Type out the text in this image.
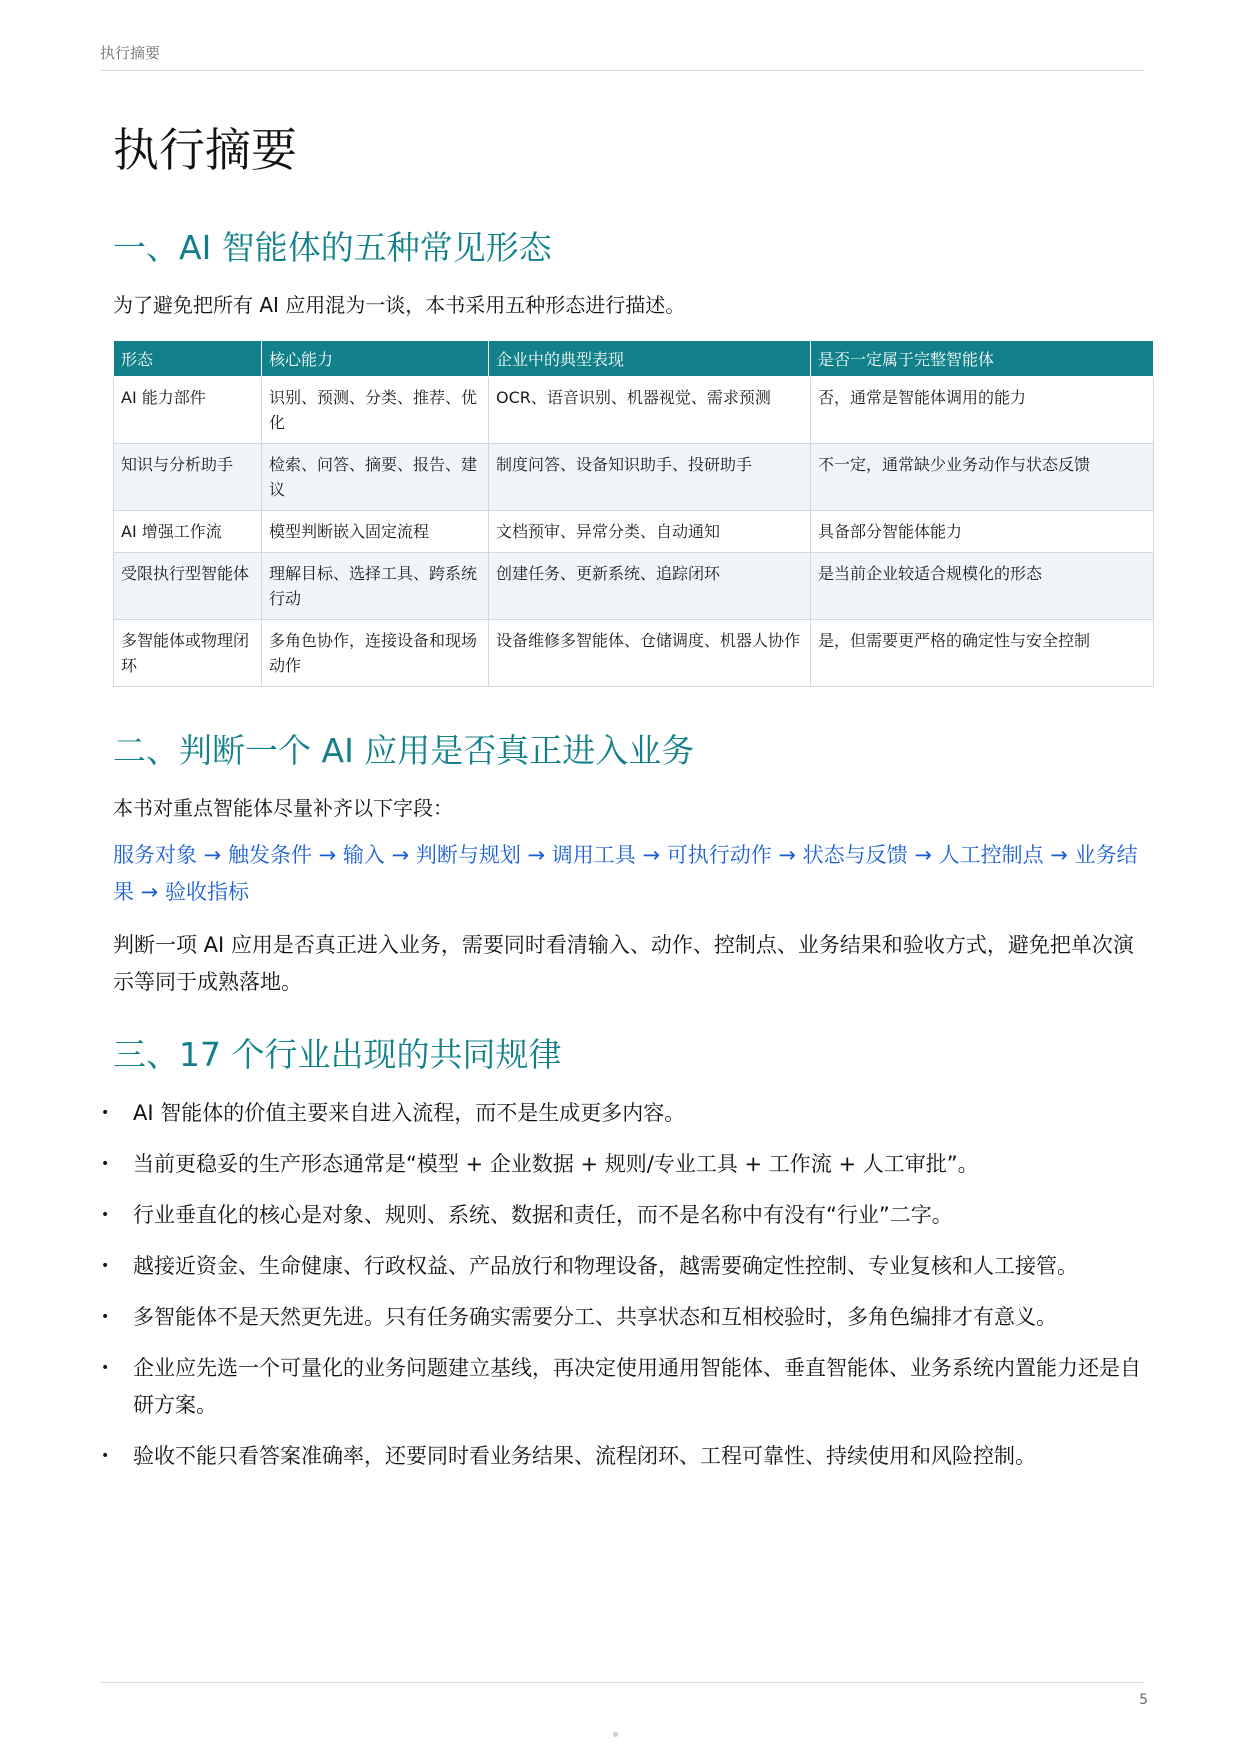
执行摘要
执行摘要
一、AI 智能体的五种常见形态

为了避免把所有 AI 应用混为一谈，本书采用五种形态进行描述。

形态	核心能力	企业中的典型表现	是否一定属于完整智能体
AI 能力部件	识别、预测、分类、推荐、优化	OCR、语音识别、机器视觉、需求预测	否，通常是智能体调用的能力
知识与分析助手	检索、问答、摘要、报告、建议	制度问答、设备知识助手、投研助手	不一定，通常缺少业务动作与状态反馈
AI 增强工作流	模型判断嵌入固定流程	文档预审、异常分类、自动通知	具备部分智能体能力
受限执行型智能体	理解目标、选择工具、跨系统行动	创建任务、更新系统、追踪闭环	是当前企业较适合规模化的形态
多智能体或物理闭环	多角色协作，连接设备和现场动作	设备维修多智能体、仓储调度、机器人协作	是，但需要更严格的确定性与安全控制
二、判断一个 AI 应用是否真正进入业务

本书对重点智能体尽量补齐以下字段：

服务对象 → 触发条件 → 输入 → 判断与规划 → 调用工具 → 可执行动作 → 状态与反馈 → 人工控制点 → 业务结果 → 验收指标

判断一项 AI 应用是否真正进入业务，需要同时看清输入、动作、控制点、业务结果和验收方式，避免把单次演示等同于成熟落地。

三、17 个行业出现的共同规律
• AI 智能体的价值主要来自进入流程，而不是生成更多内容。
• 当前更稳妥的生产形态通常是“模型 + 企业数据 + 规则/专业工具 + 工作流 + 人工审批”。
• 行业垂直化的核心是对象、规则、系统、数据和责任，而不是名称中有没有“行业”二字。
• 越接近资金、生命健康、行政权益、产品放行和物理设备，越需要确定性控制、专业复核和人工接管。
• 多智能体不是天然更先进。只有任务确实需要分工、共享状态和互相校验时，多角色编排才有意义。
• 企业应先选一个可量化的业务问题建立基线，再决定使用通用智能体、垂直智能体、业务系统内置能力还是自研方案。
• 验收不能只看答案准确率，还要同时看业务结果、流程闭环、工程可靠性、持续使用和风险控制。
5
